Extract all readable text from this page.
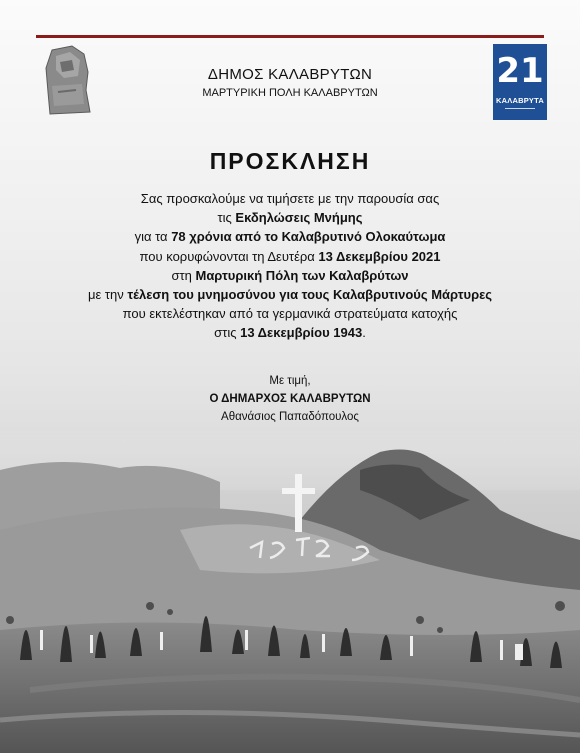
ΔΗΜΟΣ ΚΑΛΑΒΡΥΤΩΝ
ΜΑΡΤΥΡΙΚΗ ΠΟΛΗ ΚΑΛΑΒΡΥΤΩΝ
21
ΚΑΛΑΒΡΥΤΑ
ΠΡΟΣΚΛΗΣΗ
Σας προσκαλούμε να τιμήσετε με την παρουσία σας
τις Εκδηλώσεις Μνήμης
για τα 78 χρόνια από το Καλαβρυτινό Ολοκαύτωμα
που κορυφώνονται τη Δευτέρα 13 Δεκεμβρίου 2021
στη Μαρτυρική Πόλη των Καλαβρύτων
με την τέλεση του μνημοσύνου για τους Καλαβρυτινούς Μάρτυρες
που εκτελέστηκαν από τα γερμανικά στρατεύματα κατοχής
στις 13 Δεκεμβρίου 1943.
Με τιμή,
Ο ΔΗΜΑΡΧΟΣ ΚΑΛΑΒΡΥΤΩΝ
Αθανάσιος Παπαδόπουλος
